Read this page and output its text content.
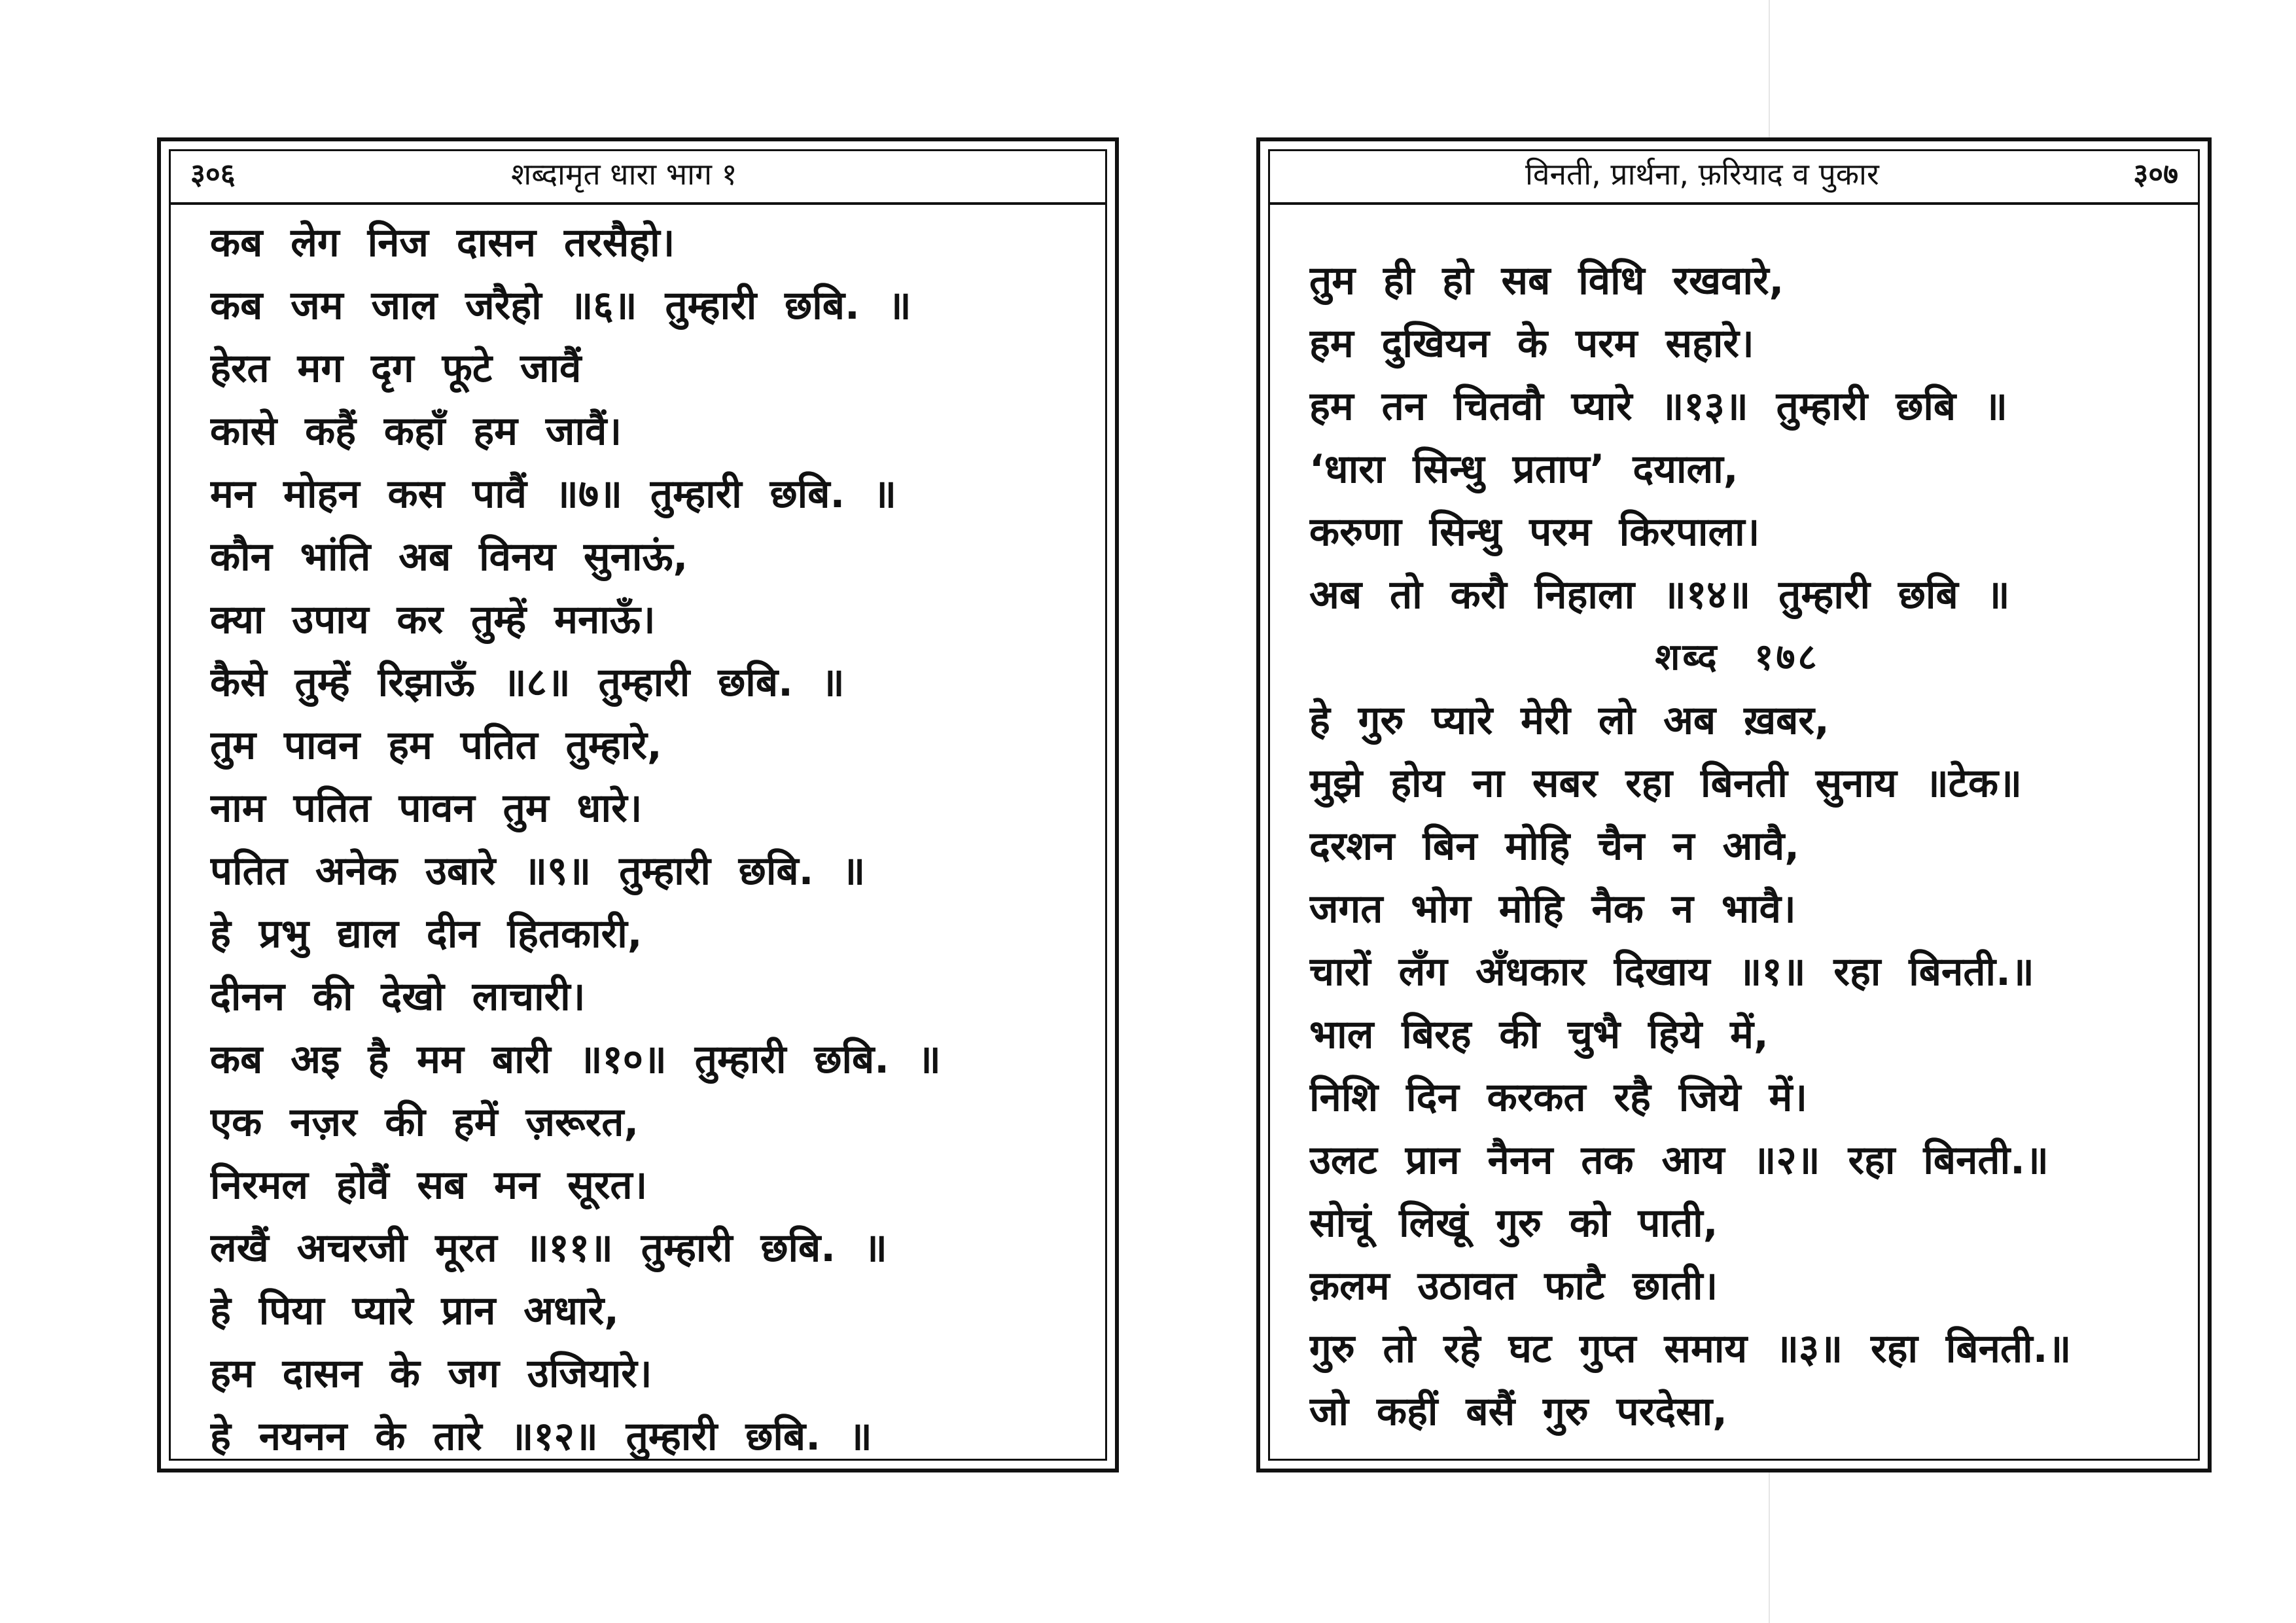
३०६	शब्दामृत धारा भाग १
कब लेग निज दासन तरसैहो।
कब जम जाल जरैहो ॥६॥ तुम्हारी छबि. ॥
हेरत मग दृग फूटे जावैं
कासे कहैं कहाँ हम जावैं।
मन मोहन कस पावैं ॥७॥ तुम्हारी छबि. ॥
कौन भांति अब विनय सुनाऊं,
क्या उपाय कर तुम्हें मनाऊँ।
कैसे तुम्हें रिझाऊँ ॥८॥ तुम्हारी छबि. ॥
तुम पावन हम पतित तुम्हारे,
नाम पतित पावन तुम धारे।
पतित अनेक उबारे ॥९॥ तुम्हारी छबि. ॥
हे प्रभु द्याल दीन हितकारी,
दीनन की देखो लाचारी।
कब अइ है मम बारी ॥१०॥ तुम्हारी छबि. ॥
एक नज़र की हमें ज़रूरत,
निरमल होवैं सब मन सूरत।
लखैं अचरजी मूरत ॥११॥ तुम्हारी छबि. ॥
हे पिया प्यारे प्रान अधारे,
हम दासन के जग उजियारे।
हे नयनन के तारे ॥१२॥ तुम्हारी छबि. ॥
विनती, प्रार्थना, फ़रियाद व पुकार	३०७
तुम ही हो सब विधि रखवारे,
हम दुखियन के परम सहारे।
हम तन चितवौ प्यारे ॥१३॥ तुम्हारी छबि ॥
‘धारा सिन्धु प्रताप’ दयाला,
करुणा सिन्धु परम किरपाला।
अब तो करौ निहाला ॥१४॥ तुम्हारी छबि ॥
शब्द १७८
हे गुरु प्यारे मेरी लो अब ख़बर,
मुझे होय ना सबर रहा बिनती सुनाय ॥टेक॥
दरशन बिन मोहि चैन न आवै,
जगत भोग मोहि नैक न भावै।
चारों लँग अँधकार दिखाय ॥१॥ रहा बिनती.॥
भाल बिरह की चुभै हिये में,
निशि दिन करकत रहै जिये में।
उलट प्रान नैनन तक आय ॥२॥ रहा बिनती.॥
सोचूं लिखूं गुरु को पाती,
क़लम उठावत फाटै छाती।
गुरु तो रहे घट गुप्त समाय ॥३॥ रहा बिनती.॥
जो कहीं बसैं गुरु परदेसा,
